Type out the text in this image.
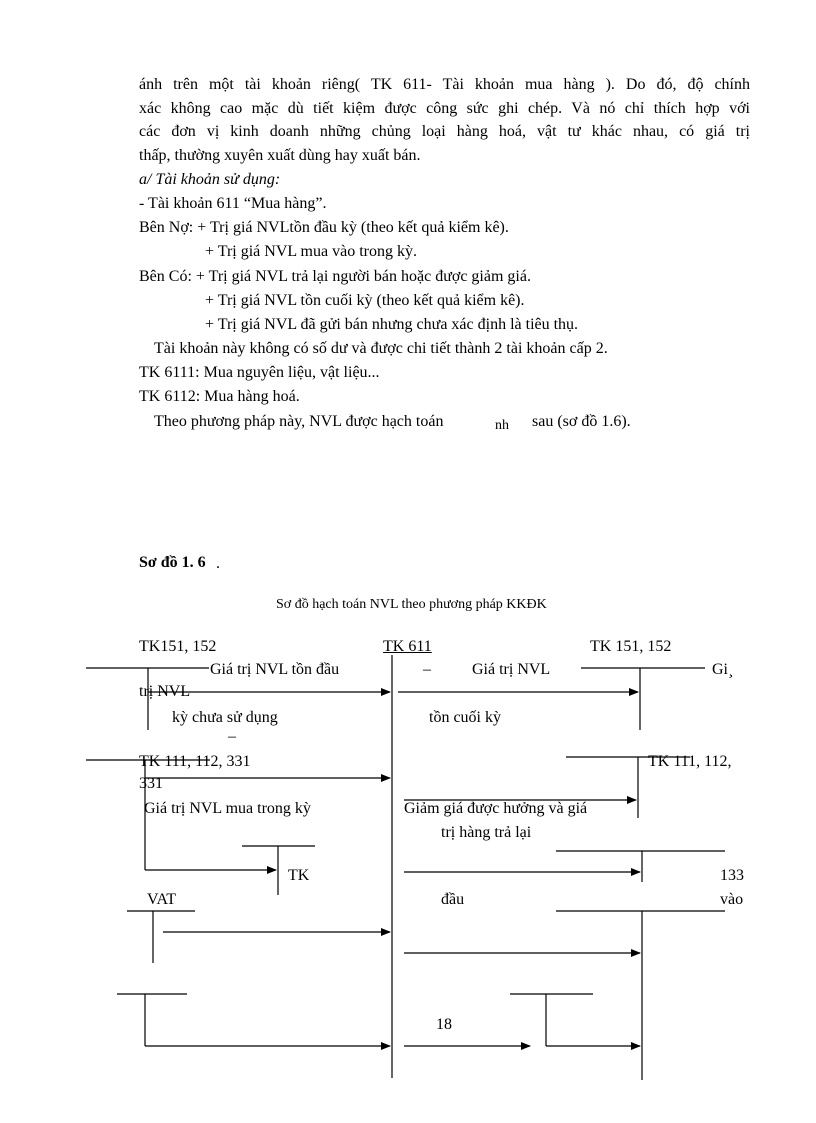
ánh trên một tài khoản riêng( TK 611- Tài khoản mua hàng ). Do đó, độ chính
xác không cao mặc dù tiết kiệm được công sức ghi chép. Và nó chỉ thích hợp với
các đơn vị kinh doanh những chủng loại hàng hoá, vật tư khác nhau, có giá trị
thấp, thường xuyên xuất dùng hay xuất bán.
a/ Tài khoản sử dụng:
- Tài khoản 611 “Mua hàng”.
Bên Nợ: + Trị giá NVLtồn đầu kỳ (theo kết quả kiểm kê).
+ Trị giá NVL mua vào trong kỳ.
Bên Có: + Trị giá NVL trả lại người bán hoặc được giảm giá.
+ Trị giá NVL tồn cuối kỳ (theo kết quả kiểm kê).
+ Trị giá NVL đã gửi bán nhưng chưa xác định là tiêu thụ.
Tài khoản này không có số dư và được chi tiết thành 2 tài khoản cấp 2.
TK 6111: Mua nguyên liệu, vật liệu...
TK 6112: Mua hàng hoá.
Theo phương pháp này, NVL được hạch toán	nh sau (sơ đồ 1.6).
Sơ đồ 1. 6 .
Sơ đồ hạch toán NVL theo phương pháp KKĐK
TK151, 152	TK 611	TK 151, 152
Giá trị NVL tồn đầu
trị NVL
–	Giá trị NVL	Gi¸
kỳ chưa sử dụng	tồn cuối kỳ
–
TK 111, 112, 331
331
TK 111, 112,
Giá trị NVL mua trong kỳ	Giảm giá được hưởng và giá
trị hàng trả lại
TK	133
VAT	đầu	vào
18
